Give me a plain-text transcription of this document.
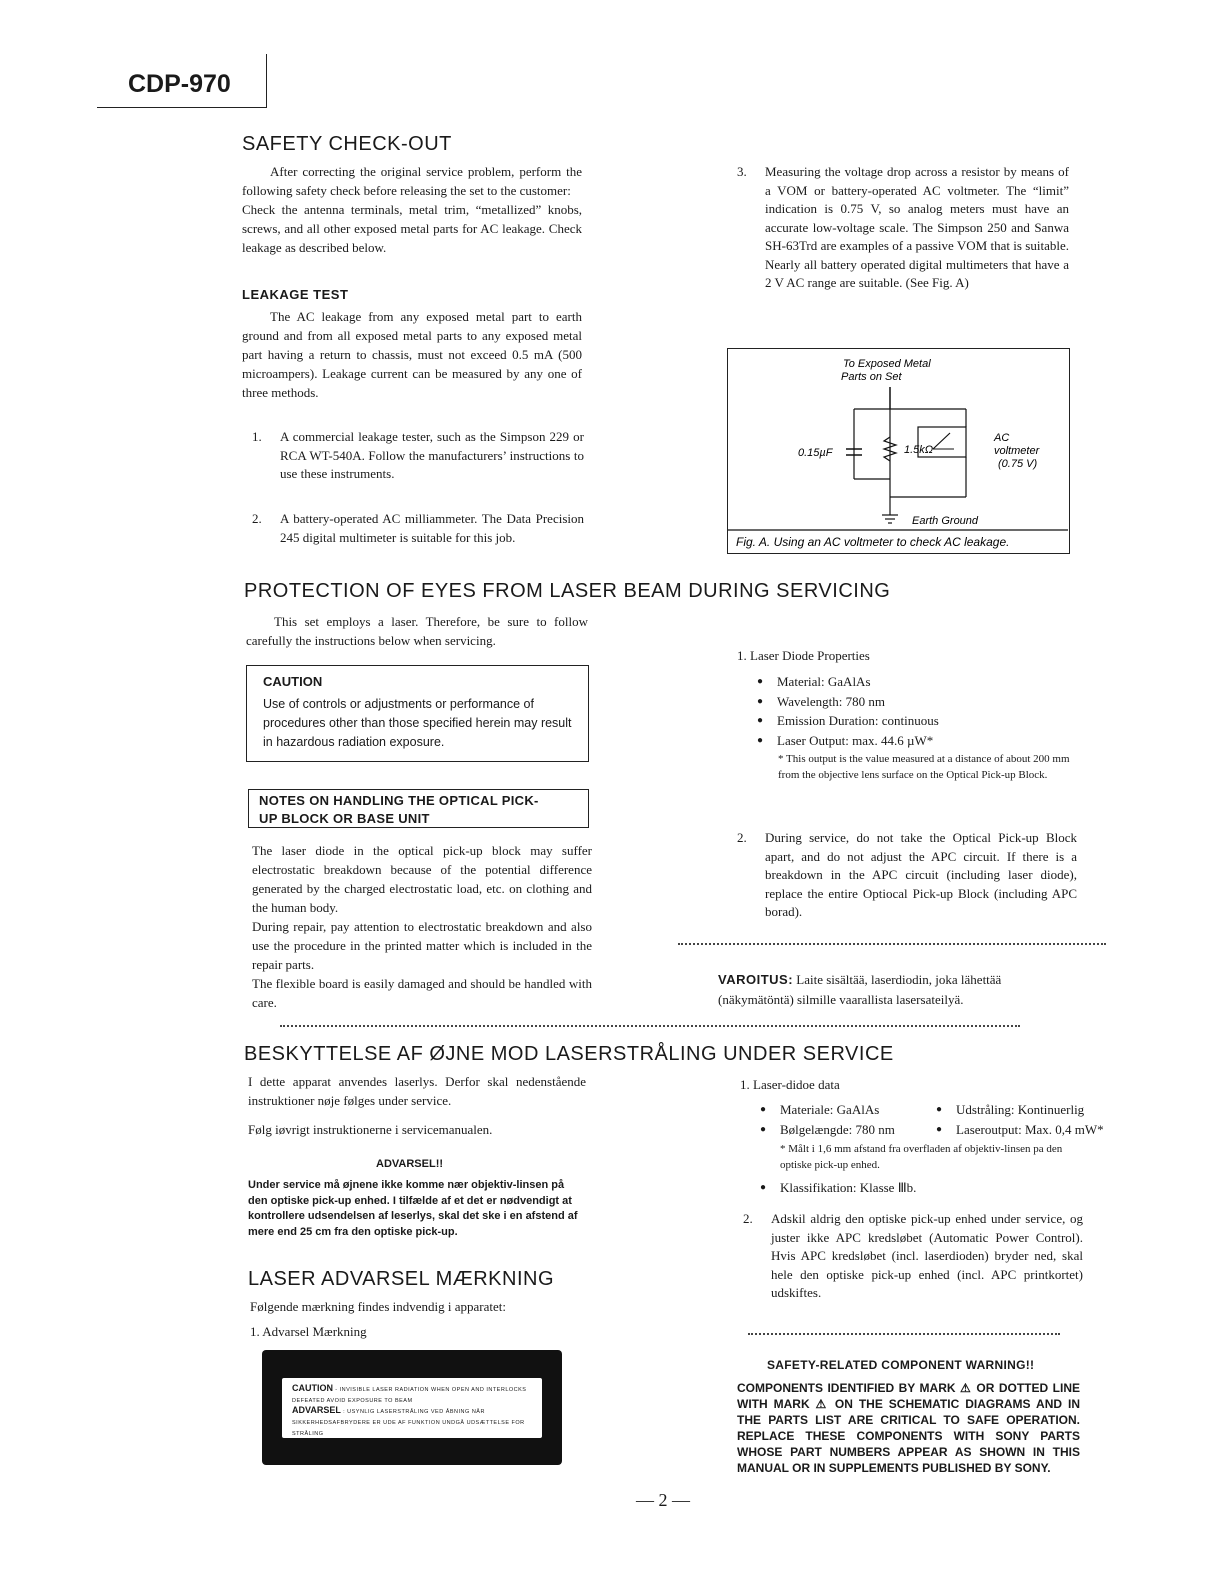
CDP-970
SAFETY CHECK-OUT

After correcting the original service problem, perform the following safety check before releasing the set to the customer:

Check the antenna terminals, metal trim, “metallized” knobs, screws, and all other exposed metal parts for AC leakage. Check leakage as described below.

LEAKAGE TEST

The AC leakage from any exposed metal part to earth ground and from all exposed metal parts to any exposed metal part having a return to chassis, must not exceed 0.5 mA (500 microampers). Leakage current can be measured by any one of three methods.

1.	A commercial leakage tester, such as the Simpson 229 or RCA WT-540A. Follow the manufacturers’ instructions to use these instruments.
2.	A battery-operated AC milliammeter. The Data Precision 245 digital multimeter is suitable for this job.
3.	Measuring the voltage drop across a resistor by means of a VOM or battery-operated AC voltmeter. The “limit” indication is 0.75 V, so analog meters must have an accurate low-voltage scale. The Simpson 250 and Sanwa SH-63Trd are examples of a passive VOM that is suitable. Nearly all battery operated digital multimeters that have a 2 V AC range are suitable. (See Fig. A)
To Exposed Metal
Parts on Set
0.15µF	1.5kΩ
AC
voltmeter
(0.75 V)
Earth Ground
Fig. A. Using an AC voltmeter to check AC leakage.
PROTECTION OF EYES FROM LASER BEAM DURING SERVICING

This set employs a laser. Therefore, be sure to follow carefully the instructions below when servicing.

CAUTION
Use of controls or adjustments or performance of procedures other than those specified herein may result in hazardous radiation exposure.
NOTES ON HANDLING THE OPTICAL PICK-
UP BLOCK OR BASE UNIT

The laser diode in the optical pick-up block may suffer electrostatic breakdown because of the potential difference generated by the charged electrostatic load, etc. on clothing and the human body.

During repair, pay attention to electrostatic breakdown and also use the procedure in the printed matter which is included in the repair parts.

The flexible board is easily damaged and should be handled with care.

1. Laser Diode Properties
● Material: GaAlAs
● Wavelength: 780 nm
● Emission Duration: continuous
● Laser Output: max. 44.6 µW*
* This output is the value measured at a distance of about 200 mm from the objective lens surface on the Optical Pick-up Block.
2.	During service, do not take the Optical Pick-up Block apart, and do not adjust the APC circuit. If there is a breakdown in the APC circuit (including laser diode), replace the entire Optiocal Pick-up Block (including APC borad).
VAROITUS: Laite sisältää, laserdiodin, joka lähettää
(näkymätöntä) silmille vaarallista lasersateilyä.
BESKYTTELSE AF ØJNE MOD LASERSTRÅLING UNDER SERVICE

I dette apparat anvendes laserlys. Derfor skal nedenstående instruktioner nøje følges under service.

Følg iøvrigt instruktionerne i servicemanualen.
ADVARSEL!!
Under service må øjnene ikke komme nær objektiv-linsen på den optiske pick-up enhed. I tilfælde af et det er nødvendigt at kontrollere udsendelsen af leserlys, skal det ske i en afstend af mere end 25 cm fra den optiske pick-up.
LASER ADVARSEL MÆRKNING
Følgende mærkning findes indvendig i apparatet:
1. Advarsel Mærkning
CAUTION - INVISIBLE LASER RADIATION WHEN OPEN AND INTERLOCKS DEFEATED AVOID EXPOSURE TO BEAM
ADVARSEL : USYNLIG LASERSTRÅLING VED ÅBNING NÅR SIKKERHEDSAFBRYDERE ER UDE AF FUNKTION UNDGÅ UDSÆTTELSE FOR STRÅLING
1. Laser-didoe data
● Materiale: GaAlAs
● Bølgelængde: 780 nm
● Udstråling: Kontinuerlig
● Laseroutput: Max. 0,4 mW*
* Målt i 1,6 mm afstand fra overfladen af objektiv-linsen pa den optiske pick-up enhed.
● Klassifikation: Klasse Ⅲb.
2.	Adskil aldrig den optiske pick-up enhed under service, og juster ikke APC kredsløbet (Automatic Power Control). Hvis APC kredsløbet (incl. laserdioden) bryder ned, skal hele den optiske pick-up enhed (incl. APC printkortet) udskiftes.
SAFETY-RELATED COMPONENT WARNING!!
COMPONENTS IDENTIFIED BY MARK ⚠ OR DOTTED LINE WITH MARK ⚠ ON THE SCHEMATIC DIAGRAMS AND IN THE PARTS LIST ARE CRITICAL TO SAFE OPERATION. REPLACE THESE COMPONENTS WITH SONY PARTS WHOSE PART NUMBERS APPEAR AS SHOWN IN THIS MANUAL OR IN SUPPLEMENTS PUBLISHED BY SONY.
— 2 —
